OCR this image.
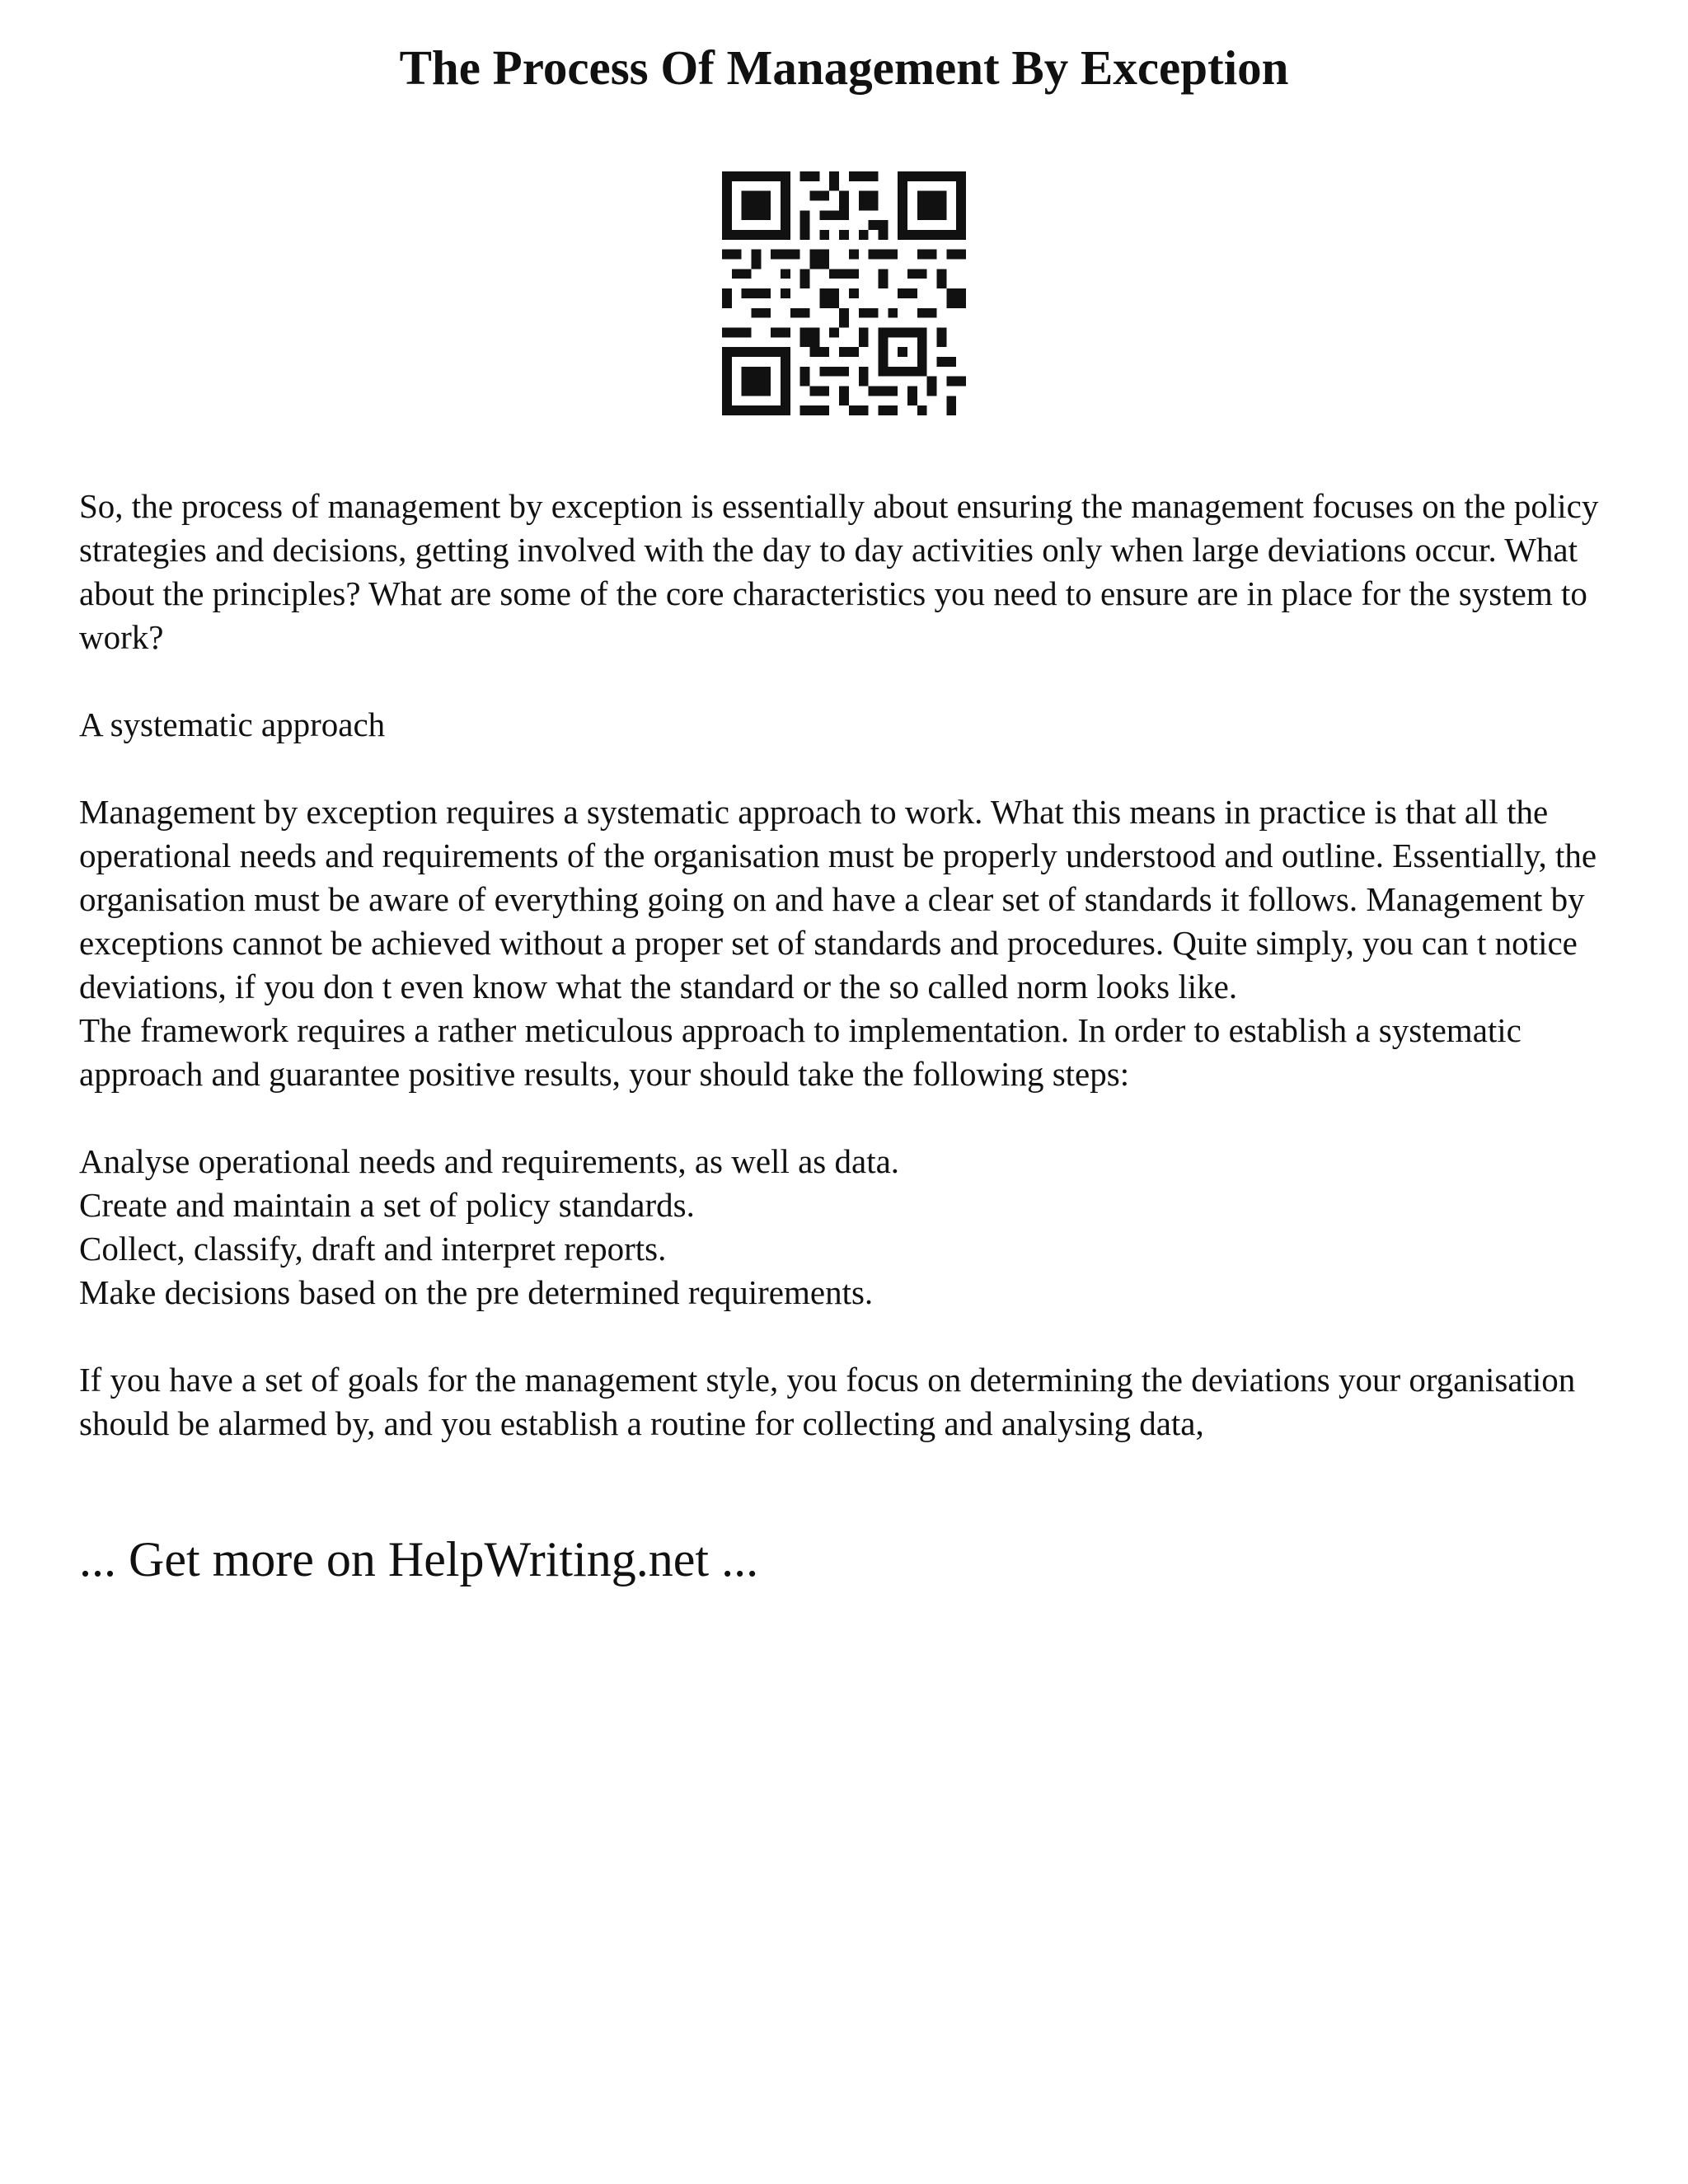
The Process Of Management By Exception

So, the process of management by exception is essentially about ensuring the management focuses on the policy strategies and decisions, getting involved with the day to day activities only when large deviations occur. What about the principles? What are some of the core characteristics you need to ensure are in place for the system to work?

A systematic approach

Management by exception requires a systematic approach to work. What this means in practice is that all the operational needs and requirements of the organisation must be properly understood and outline. Essentially, the organisation must be aware of everything going on and have a clear set of standards it follows. Management by exceptions cannot be achieved without a proper set of standards and procedures. Quite simply, you can t notice deviations, if you don t even know what the standard or the so called norm looks like.

The framework requires a rather meticulous approach to implementation. In order to establish a systematic approach and guarantee positive results, your should take the following steps:

Analyse operational needs and requirements, as well as data.

Create and maintain a set of policy standards.

Collect, classify, draft and interpret reports.

Make decisions based on the pre determined requirements.

If you have a set of goals for the management style, you focus on determining the deviations your organisation should be alarmed by, and you establish a routine for collecting and analysing data,

... Get more on HelpWriting.net ...
